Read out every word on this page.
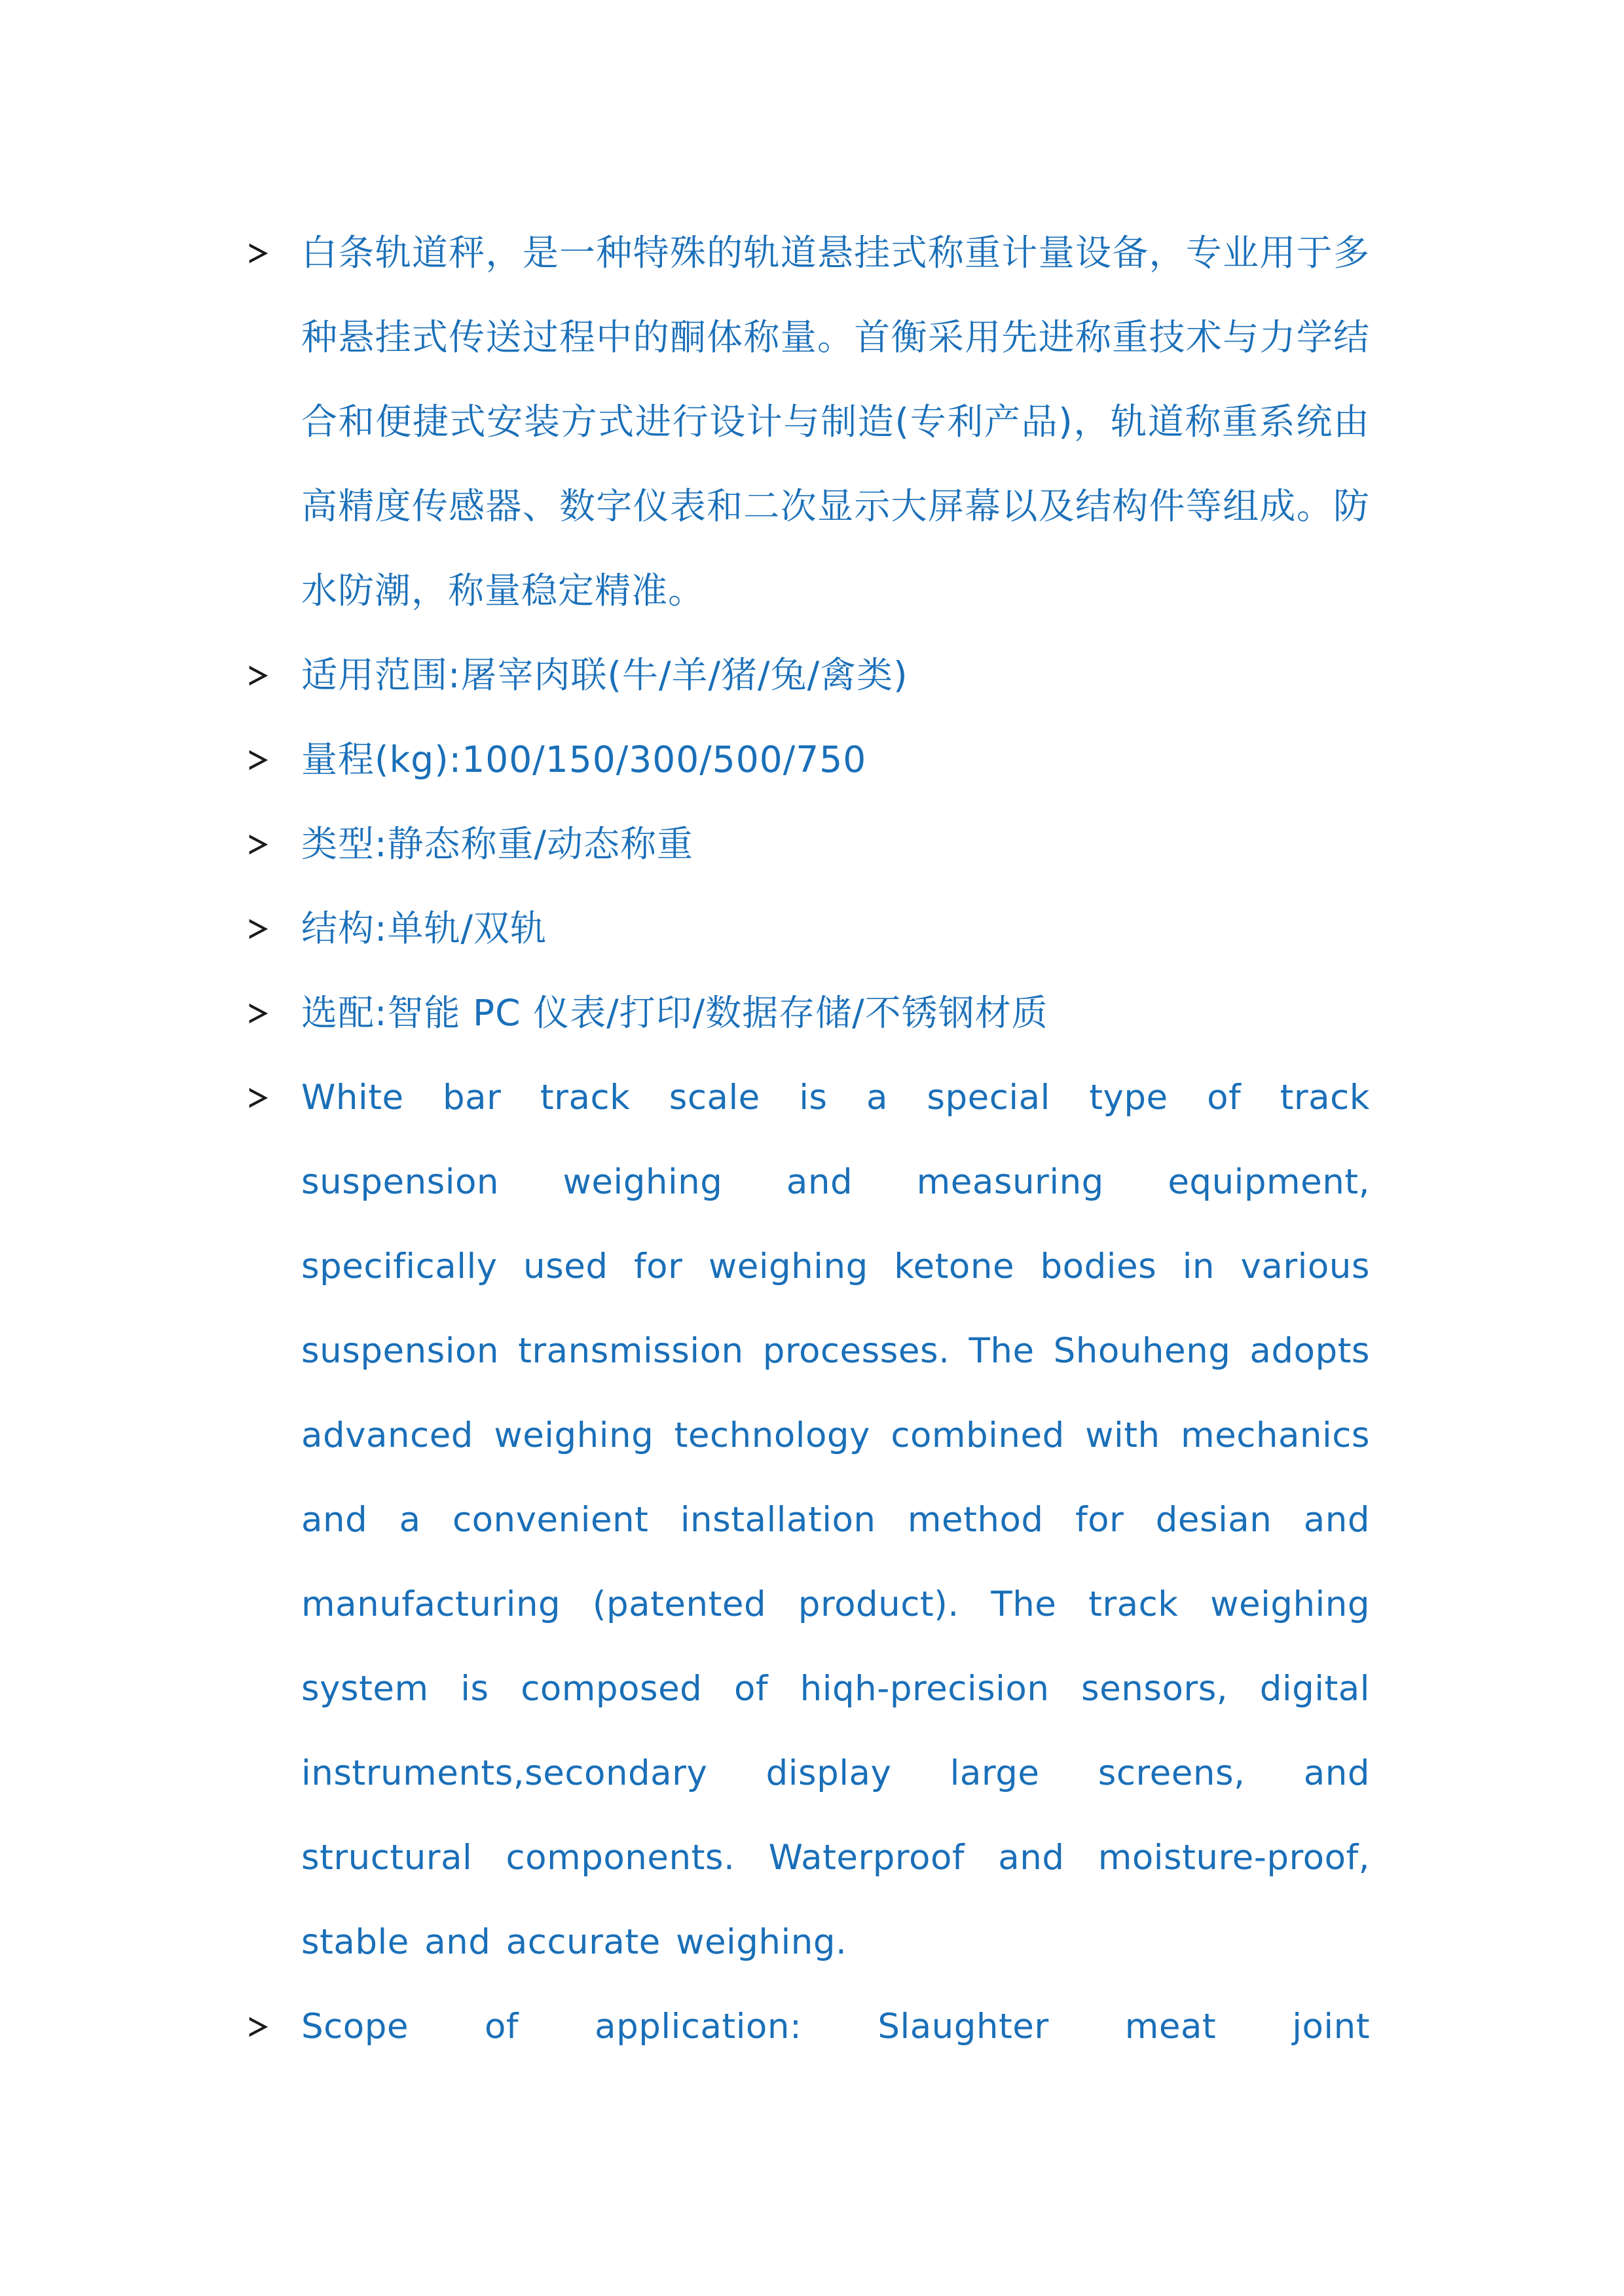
白条轨道秤，是一种特殊的轨道悬挂式称重计量设备，专业用于多种悬挂式传送过程中的酮体称量。首衡采用先进称重技术与力学结合和便捷式安装方式进行设计与制造(专利产品)，轨道称重系统由高精度传感器、数字仪表和二次显示大屏幕以及结构件等组成。防水防潮，称量稳定精准。
适用范围:屠宰肉联(牛/羊/猪/兔/禽类)
量程(kg):100/150/300/500/750
类型:静态称重/动态称重
结构:单轨/双轨
选配:智能 PC 仪表/打印/数据存储/不锈钢材质
White bar track scale is a special type of track suspension weighing and measuring equipment, specifically used for weighing ketone bodies in various suspension transmission processes. The Shouheng adopts advanced weighing technology combined with mechanics and a convenient installation method for desian and manufacturing (patented product). The track weighing system is composed of hiqh-precision sensors, digital instruments,secondary display large screens, and structural components. Waterproof and moisture-proof, stable and accurate weighing.
Scope of application: Slaughter meat joint
